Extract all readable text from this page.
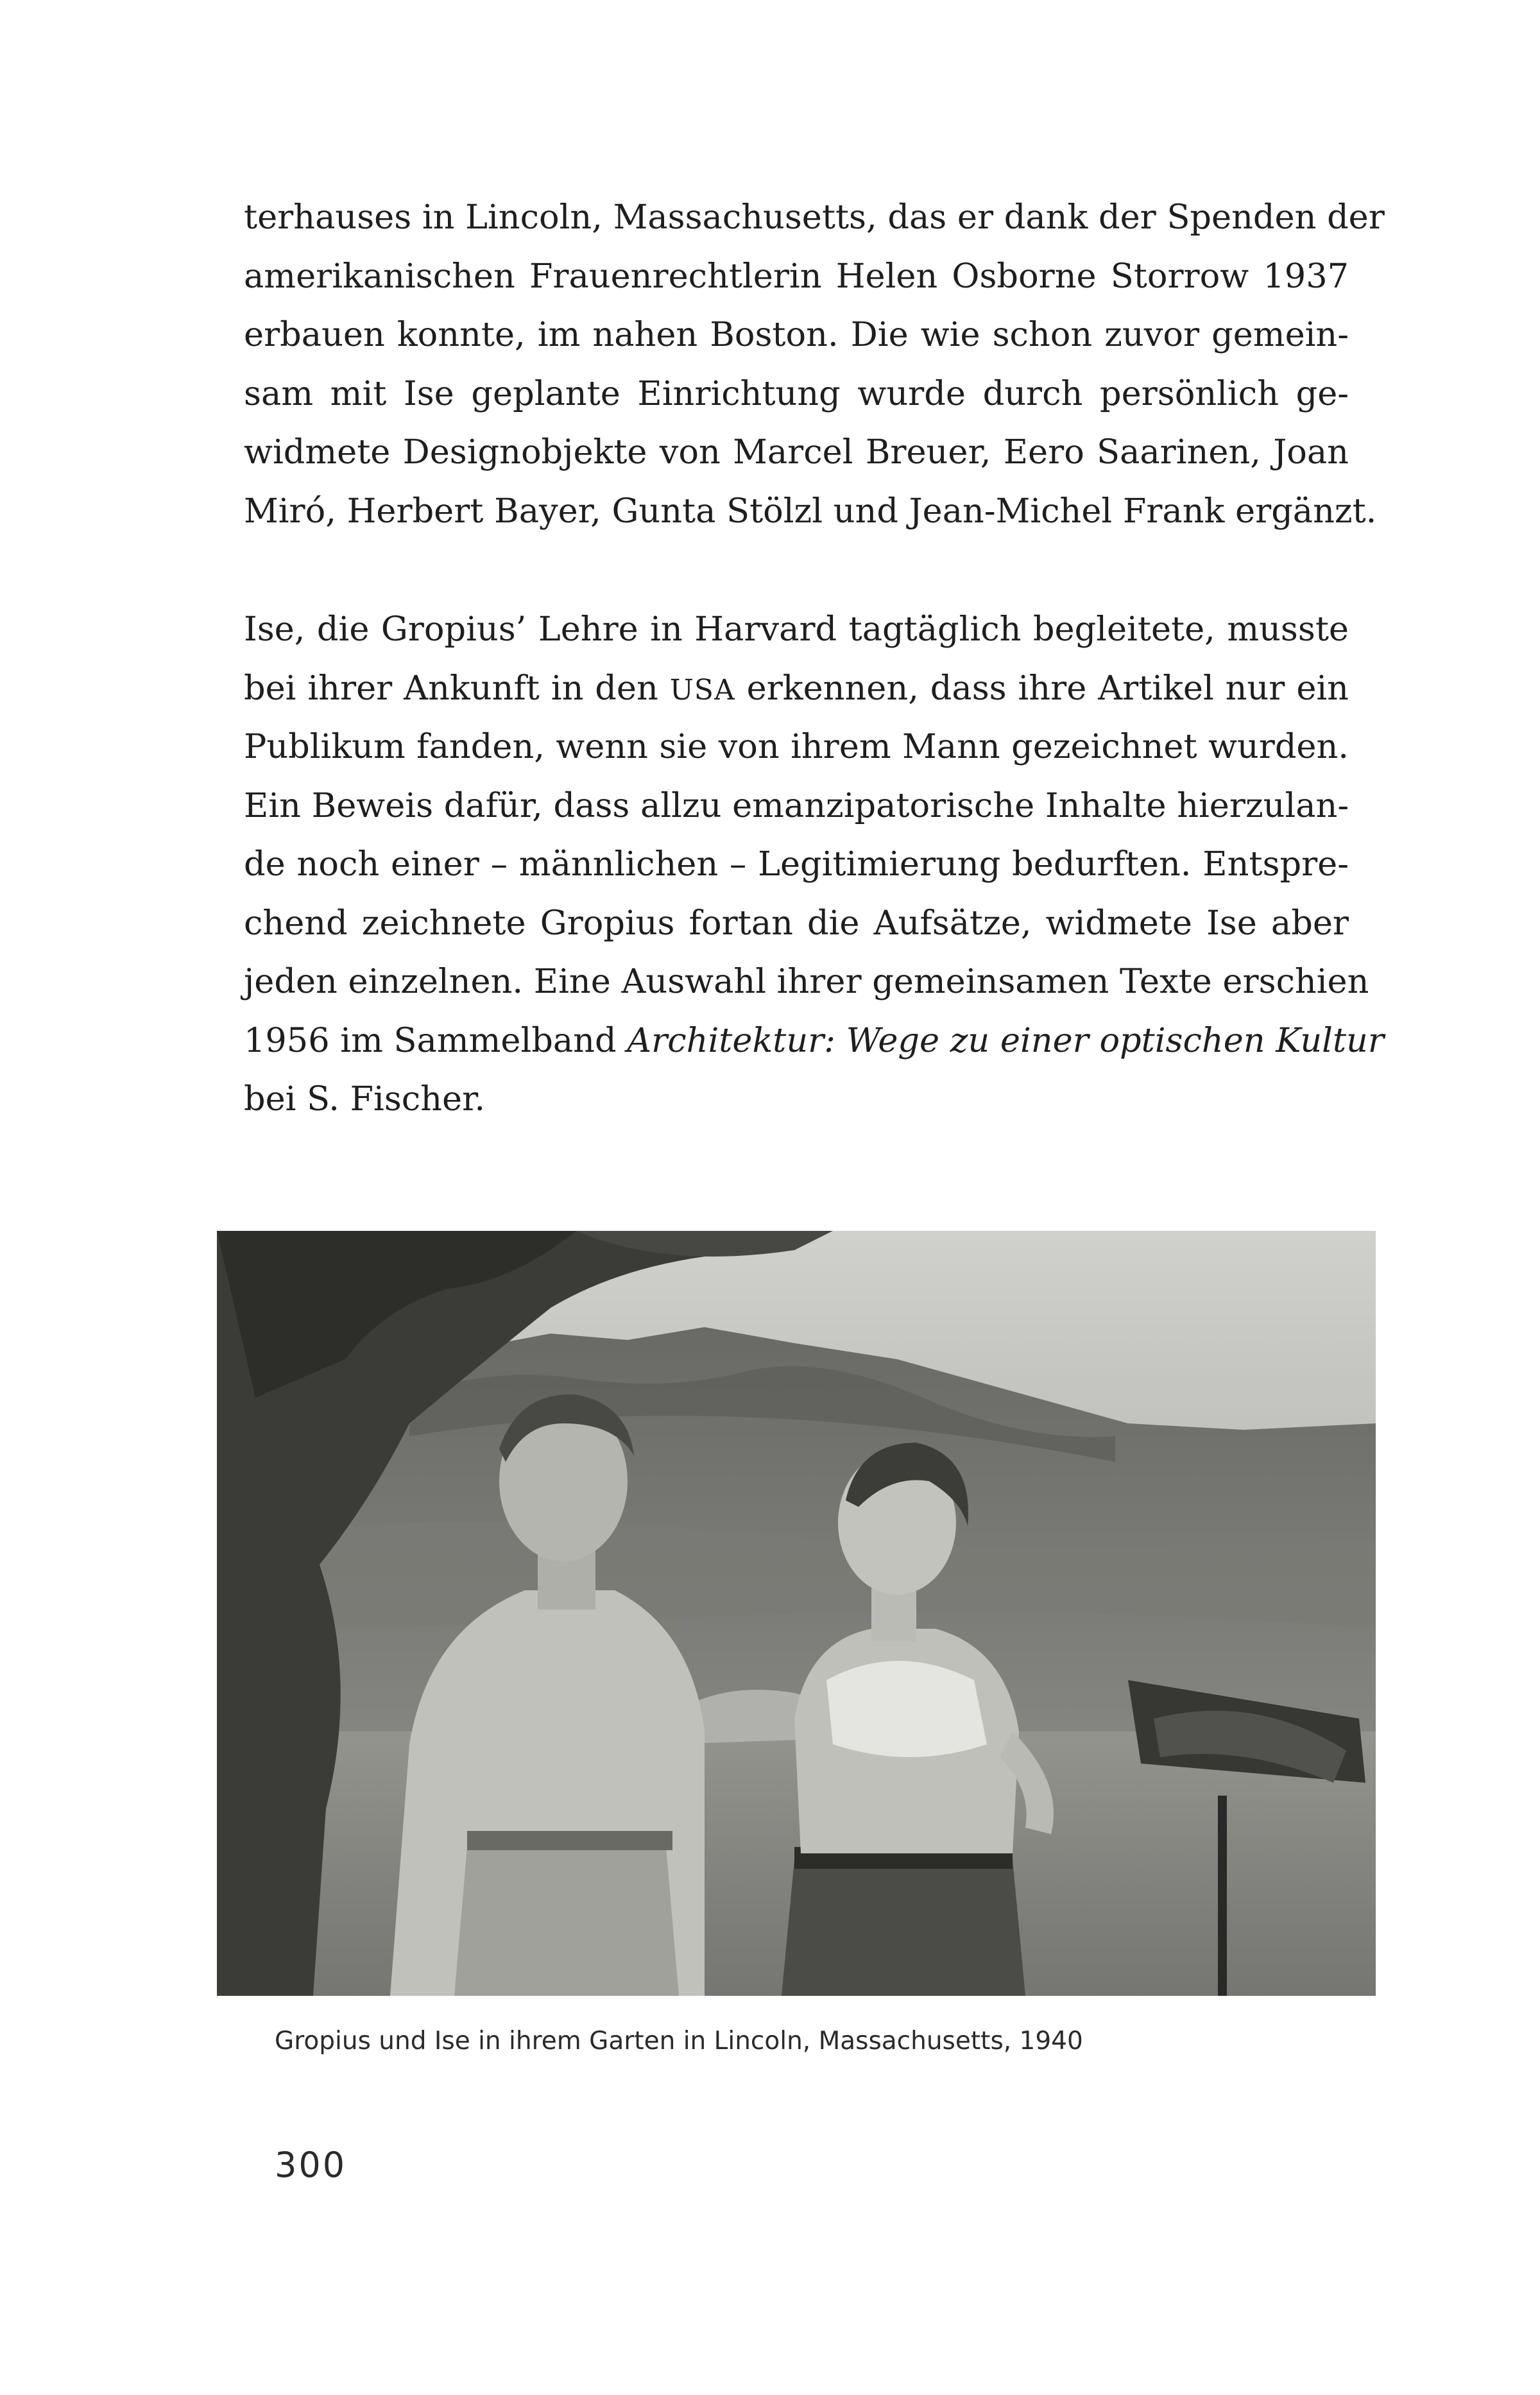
terhauses in Lincoln, Massachusetts, das er dank der Spenden der
amerikanischen Frauenrechtlerin Helen Osborne Storrow 1937
erbauen konnte, im nahen Boston. Die wie schon zuvor gemein-
sam mit Ise geplante Einrichtung wurde durch persönlich ge-
widmete Designobjekte von Marcel Breuer, Eero Saarinen, Joan
Miró, Herbert Bayer, Gunta Stölzl und Jean-Michel Frank ergänzt.
Ise, die Gropius’ Lehre in Harvard tagtäglich begleitete, musste
bei ihrer Ankunft in den USA erkennen, dass ihre Artikel nur ein
Publikum fanden, wenn sie von ihrem Mann gezeichnet wurden.
Ein Beweis dafür, dass allzu emanzipatorische Inhalte hierzulan-
de noch einer – männlichen – Legitimierung bedurften. Entspre-
chend zeichnete Gropius fortan die Aufsätze, widmete Ise aber
jeden einzelnen. Eine Auswahl ihrer gemeinsamen Texte erschien
1956 im Sammelband Architektur: Wege zu einer optischen Kultur
bei S. Fischer.
Gropius und Ise in ihrem Garten in Lincoln, Massachusetts, 1940
300
